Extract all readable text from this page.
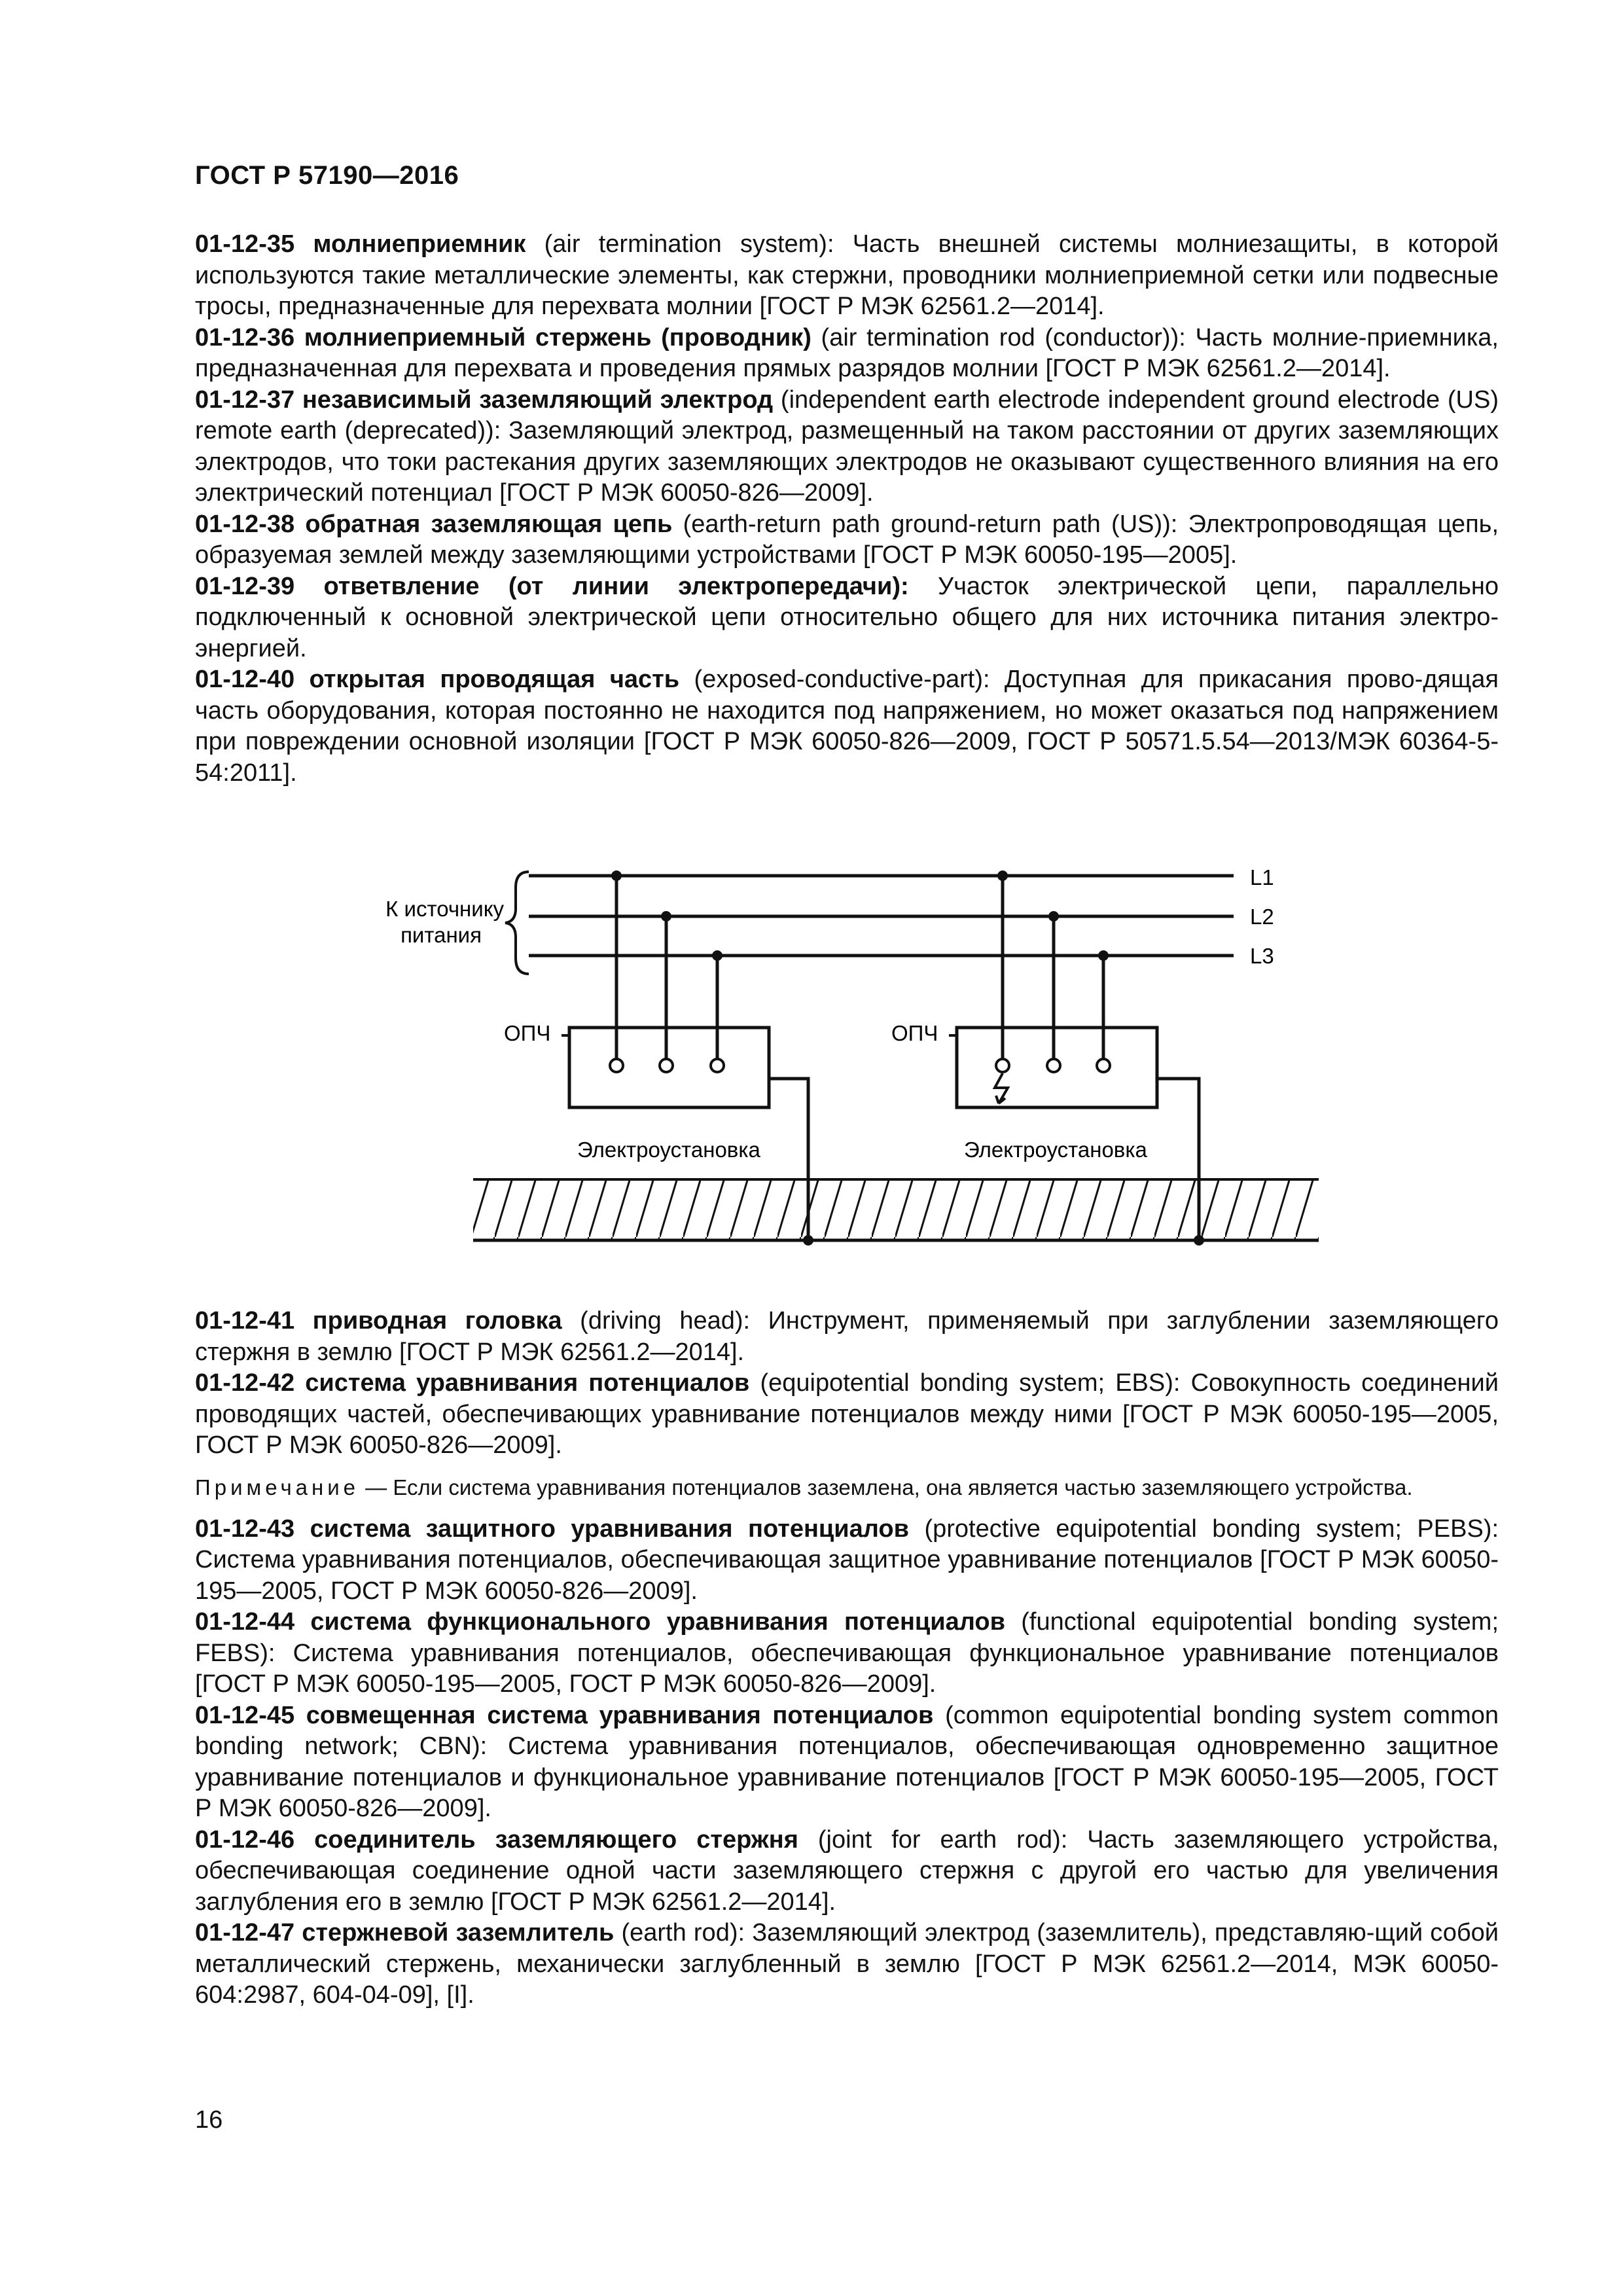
ГОСТ Р 57190—2016

01-12-35 молниеприемник (air termination system): Часть внешней системы молниезащиты, в которой используются такие металлические элементы, как стержни, проводники молниеприемной сетки или подвесные тросы, предназначенные для перехвата молнии [ГОСТ Р МЭК 62561.2—2014].

01-12-36 молниеприемный стержень (проводник) (air termination rod (conductor)): Часть молние-приемника, предназначенная для перехвата и проведения прямых разрядов молнии [ГОСТ Р МЭК 62561.2—2014].

01-12-37 независимый заземляющий электрод (independent earth electrode independent ground electrode (US) remote earth (deprecated)): Заземляющий электрод, размещенный на таком расстоянии от других заземляющих электродов, что токи растекания других заземляющих электродов не оказывают существенного влияния на его электрический потенциал [ГОСТ Р МЭК 60050-826—2009].

01-12-38 обратная заземляющая цепь (earth-return path ground-return path (US)): Электропроводящая цепь, образуемая землей между заземляющими устройствами [ГОСТ Р МЭК 60050-195—2005].

01-12-39 ответвление (от линии электропередачи): Участок электрической цепи, параллельно подключенный к основной электрической цепи относительно общего для них источника питания электро-энергией.

01-12-40 открытая проводящая часть (exposed-conductive-part): Доступная для прикасания прово-дящая часть оборудования, которая постоянно не находится под напряжением, но может оказаться под напряжением при повреждении основной изоляции [ГОСТ Р МЭК 60050-826—2009, ГОСТ Р 50571.5.54—2013/МЭК 60364-5-54:2011].

К источнику
питания
L1
L2
L3
ОПЧ
Электроустановка
ОПЧ
Электроустановка

01-12-41 приводная головка (driving head): Инструмент, применяемый при заглублении заземляющего стержня в землю [ГОСТ Р МЭК 62561.2—2014].

01-12-42 система уравнивания потенциалов (equipotential bonding system; EBS): Совокупность соединений проводящих частей, обеспечивающих уравнивание потенциалов между ними [ГОСТ Р МЭК 60050-195—2005, ГОСТ Р МЭК 60050-826—2009].

Примечание — Если система уравнивания потенциалов заземлена, она является частью заземляющего устройства.

01-12-43 система защитного уравнивания потенциалов (protective equipotential bonding system; PEBS): Система уравнивания потенциалов, обеспечивающая защитное уравнивание потенциалов [ГОСТ Р МЭК 60050-195—2005, ГОСТ Р МЭК 60050-826—2009].

01-12-44 система функционального уравнивания потенциалов (functional equipotential bonding system; FEBS): Система уравнивания потенциалов, обеспечивающая функциональное уравнивание потенциалов [ГОСТ Р МЭК 60050-195—2005, ГОСТ Р МЭК 60050-826—2009].

01-12-45 совмещенная система уравнивания потенциалов (common equipotential bonding system common bonding network; CBN): Система уравнивания потенциалов, обеспечивающая одновременно защитное уравнивание потенциалов и функциональное уравнивание потенциалов [ГОСТ Р МЭК 60050-195—2005, ГОСТ Р МЭК 60050-826—2009].

01-12-46 соединитель заземляющего стержня (joint for earth rod): Часть заземляющего устройства, обеспечивающая соединение одной части заземляющего стержня с другой его частью для увеличения заглубления его в землю [ГОСТ Р МЭК 62561.2—2014].

01-12-47 стержневой заземлитель (earth rod): Заземляющий электрод (заземлитель), представляю-щий собой металлический стержень, механически заглубленный в землю [ГОСТ Р МЭК 62561.2—2014, МЭК 60050-604:2987, 604-04-09], [I].

16
